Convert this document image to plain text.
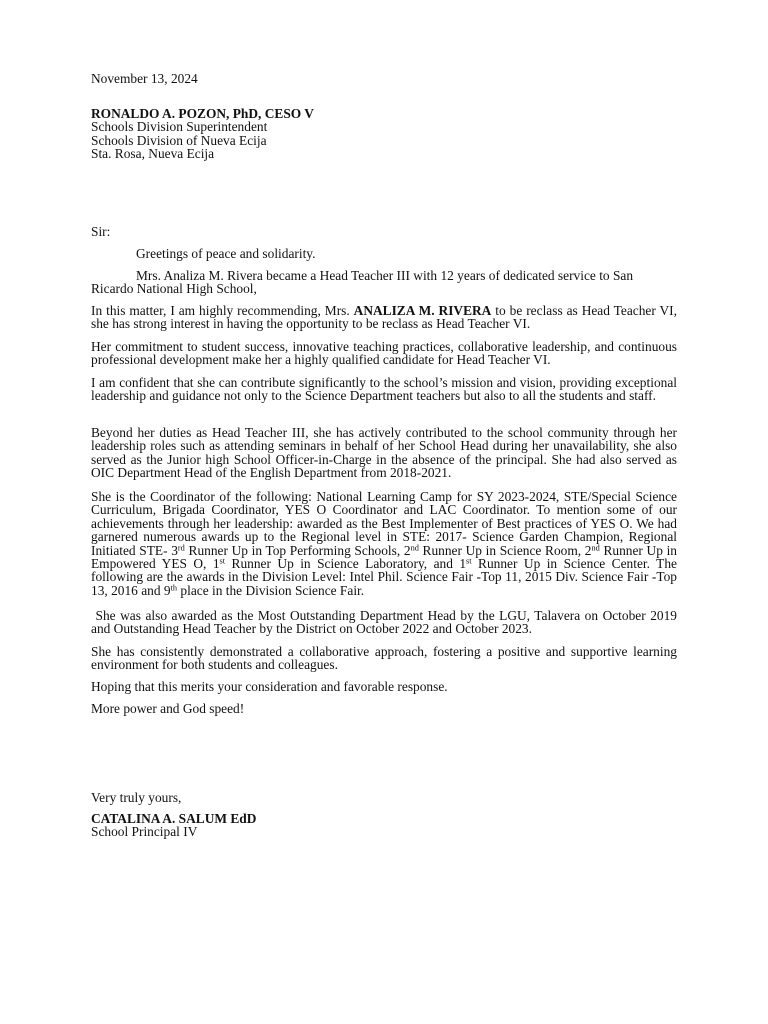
November 13, 2024

RONALDO A. POZON, PhD, CESO V
Schools Division Superintendent
Schools Division of Nueva Ecija
Sta. Rosa, Nueva Ecija

Sir:

Greetings of peace and solidarity.

Mrs. Analiza M. Rivera became a Head Teacher III with 12 years of dedicated service to San Ricardo National High School,

In this matter, I am highly recommending, Mrs. ANALIZA M. RIVERA to be reclass as Head Teacher VI, she has strong interest in having the opportunity to be reclass as Head Teacher VI.

Her commitment to student success, innovative teaching practices, collaborative leadership, and continuous professional development make her a highly qualified candidate for Head Teacher VI.

I am confident that she can contribute significantly to the school’s mission and vision, providing exceptional leadership and guidance not only to the Science Department teachers but also to all the students and staff.

Beyond her duties as Head Teacher III, she has actively contributed to the school community through her leadership roles such as attending seminars in behalf of her School Head during her unavailability, she also served as the Junior high School Officer-in-Charge in the absence of the principal. She had also served as OIC Department Head of the English Department from 2018-2021.

She is the Coordinator of the following: National Learning Camp for SY 2023-2024, STE/Special Science Curriculum, Brigada Coordinator, YES O Coordinator and LAC Coordinator. To mention some of our achievements through her leadership: awarded as the Best Implementer of Best practices of YES O. We had garnered numerous awards up to the Regional level in STE: 2017- Science Garden Champion, Regional Initiated STE- 3rd Runner Up in Top Performing Schools, 2nd Runner Up in Science Room, 2nd Runner Up in Empowered YES O, 1st Runner Up in Science Laboratory, and 1st Runner Up in Science Center. The following are the awards in the Division Level: Intel Phil. Science Fair -Top 11, 2015 Div. Science Fair -Top 13, 2016 and 9th place in the Division Science Fair.

She was also awarded as the Most Outstanding Department Head by the LGU, Talavera on October 2019 and Outstanding Head Teacher by the District on October 2022 and October 2023.

She has consistently demonstrated a collaborative approach, fostering a positive and supportive learning environment for both students and colleagues.

Hoping that this merits your consideration and favorable response.

More power and God speed!

Very truly yours,

CATALINA A. SALUM EdD
School Principal IV
